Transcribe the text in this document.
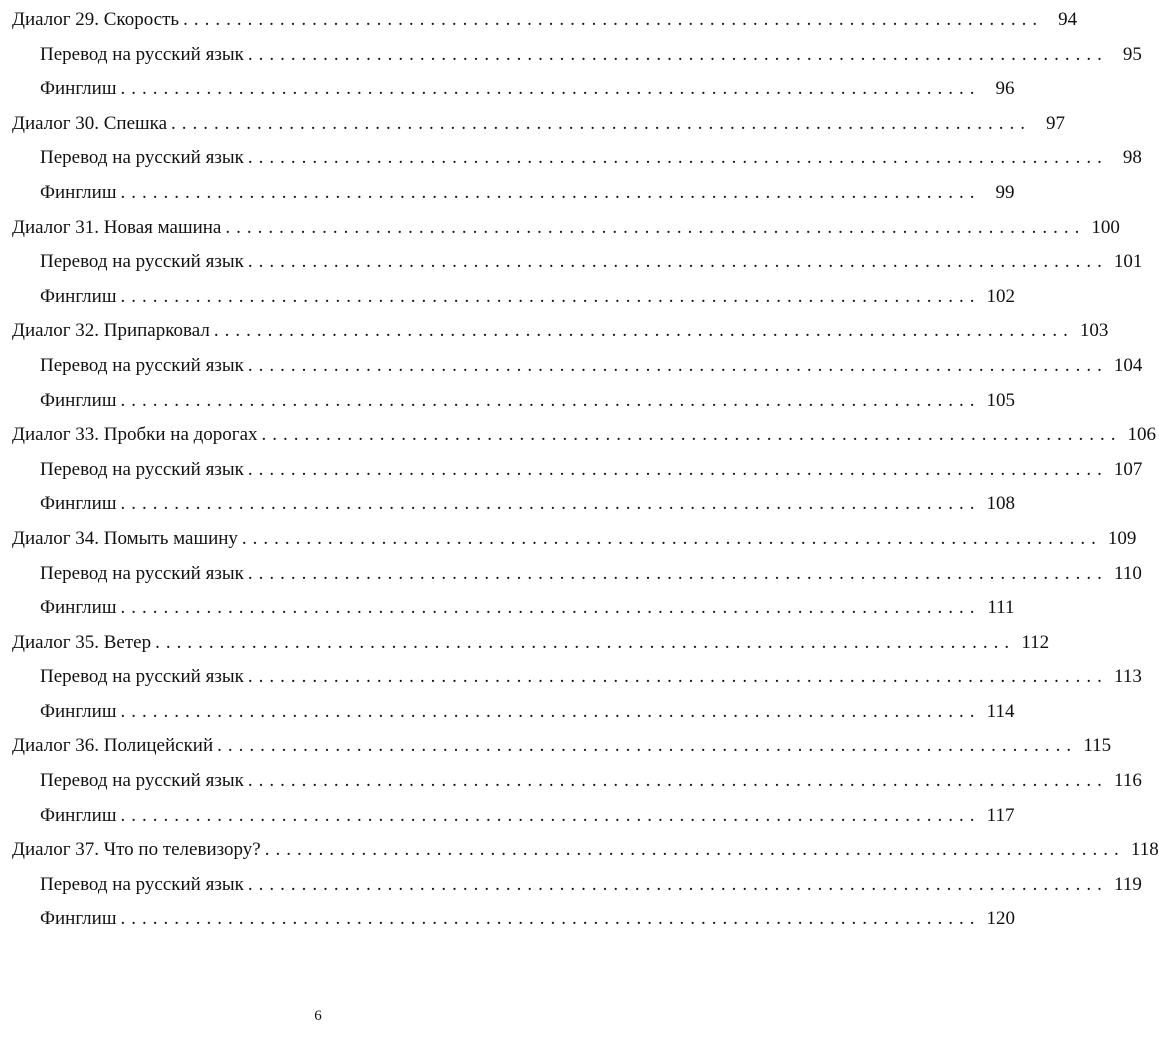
Диалог 29. Скорость ................................................................................ 94
Перевод на русский язык ................................................................................ 95
Финглиш ................................................................................ 96
Диалог 30. Спешка ................................................................................ 97
Перевод на русский язык ................................................................................ 98
Финглиш ................................................................................ 99
Диалог 31. Новая машина ................................................................................ 100
Перевод на русский язык ................................................................................ 101
Финглиш ................................................................................ 102
Диалог 32. Припарковал ................................................................................ 103
Перевод на русский язык ................................................................................ 104
Финглиш ................................................................................ 105
Диалог 33. Пробки на дорогах ................................................................................ 106
Перевод на русский язык ................................................................................ 107
Финглиш ................................................................................ 108
Диалог 34. Помыть машину ................................................................................ 109
Перевод на русский язык ................................................................................ 110
Финглиш ................................................................................ 111
Диалог 35. Ветер ................................................................................ 112
Перевод на русский язык ................................................................................ 113
Финглиш ................................................................................ 114
Диалог 36. Полицейский ................................................................................ 115
Перевод на русский язык ................................................................................ 116
Финглиш ................................................................................ 117
Диалог 37. Что по телевизору? ................................................................................ 118
Перевод на русский язык ................................................................................ 119
Финглиш ................................................................................ 120
6
